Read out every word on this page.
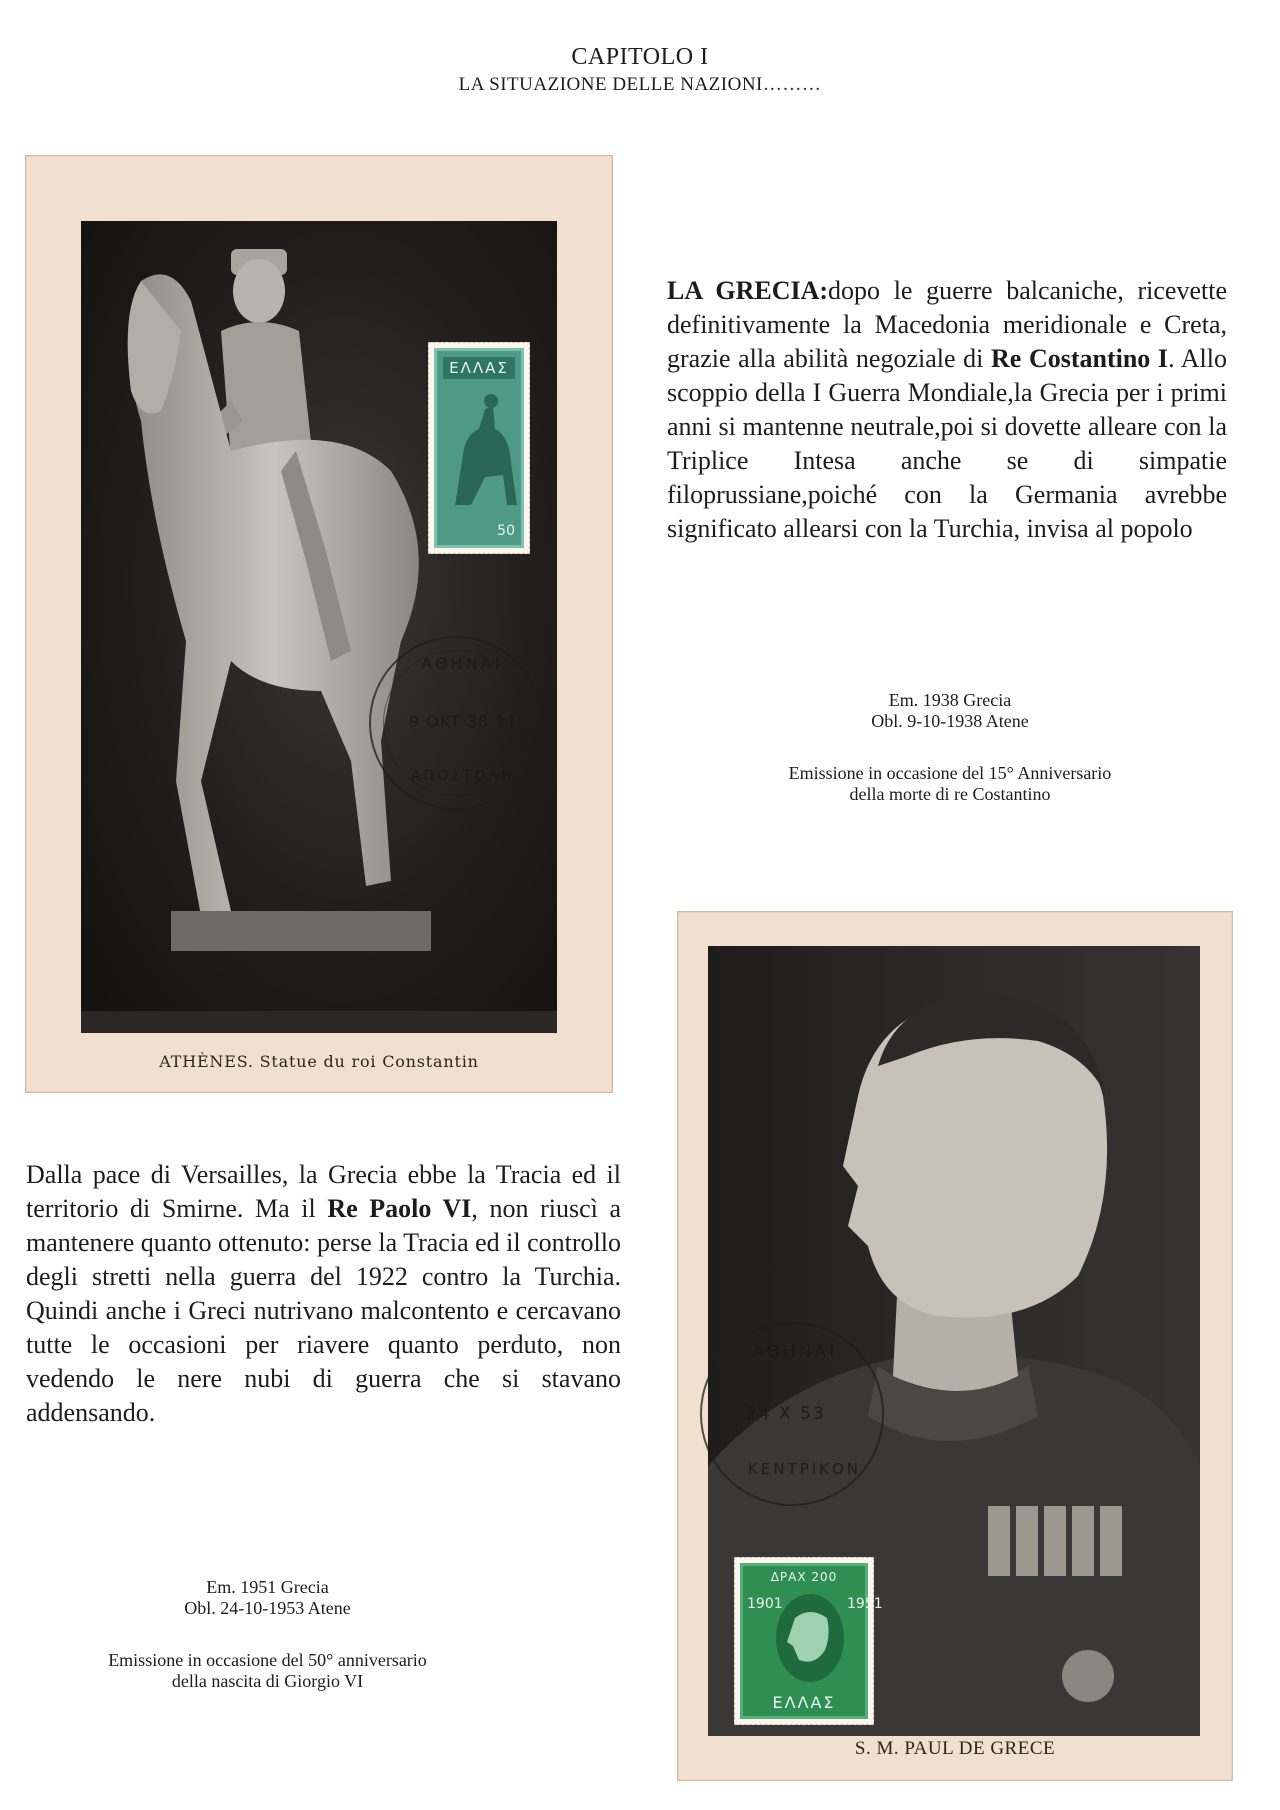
CAPITOLO I
LA SITUAZIONE DELLE NAZIONI………
ΕΛΛΑΣ
50
ΑΘΗΝΑΙ
9 OKT 38 11
ΑΠΟΣΤΟΛΗ
ATHÈNES. Statue du roi Constantin
LA GRECIA:dopo le guerre balcaniche, ricevette definitivamente la Macedonia meridionale e Creta, grazie alla abilità negoziale di Re Costantino I. Allo scoppio della I Guerra Mondiale,la Grecia per i primi anni si mantenne neutrale,poi si dovette alleare con la Triplice Intesa anche se di simpatie filoprussiane,poiché con la Germania avrebbe significato allearsi con la Turchia, invisa al popolo
Em. 1938 Grecia
Obl. 9-10-1938 Atene
Emissione in occasione del 15° Anniversario
della morte di re Costantino
ΑΘΗΝΑΙ
24 X 53
ΚΕΝΤΡΙΚΟΝ
ΔΡΑΧ 200
1901	1951
ΕΛΛΑΣ
S. M. PAUL DE GRECE
Dalla pace di Versailles, la Grecia ebbe la Tracia ed il territorio di Smirne. Ma il Re Paolo VI, non riuscì a mantenere quanto ottenuto: perse la Tracia ed il controllo degli stretti nella guerra del 1922 contro la Turchia. Quindi anche i Greci nutrivano malcontento e cercavano tutte le occasioni per riavere quanto perduto, non vedendo le nere nubi di guerra che si stavano addensando.
Em. 1951 Grecia
Obl. 24-10-1953 Atene
Emissione in occasione del 50° anniversario
della nascita di Giorgio VI
